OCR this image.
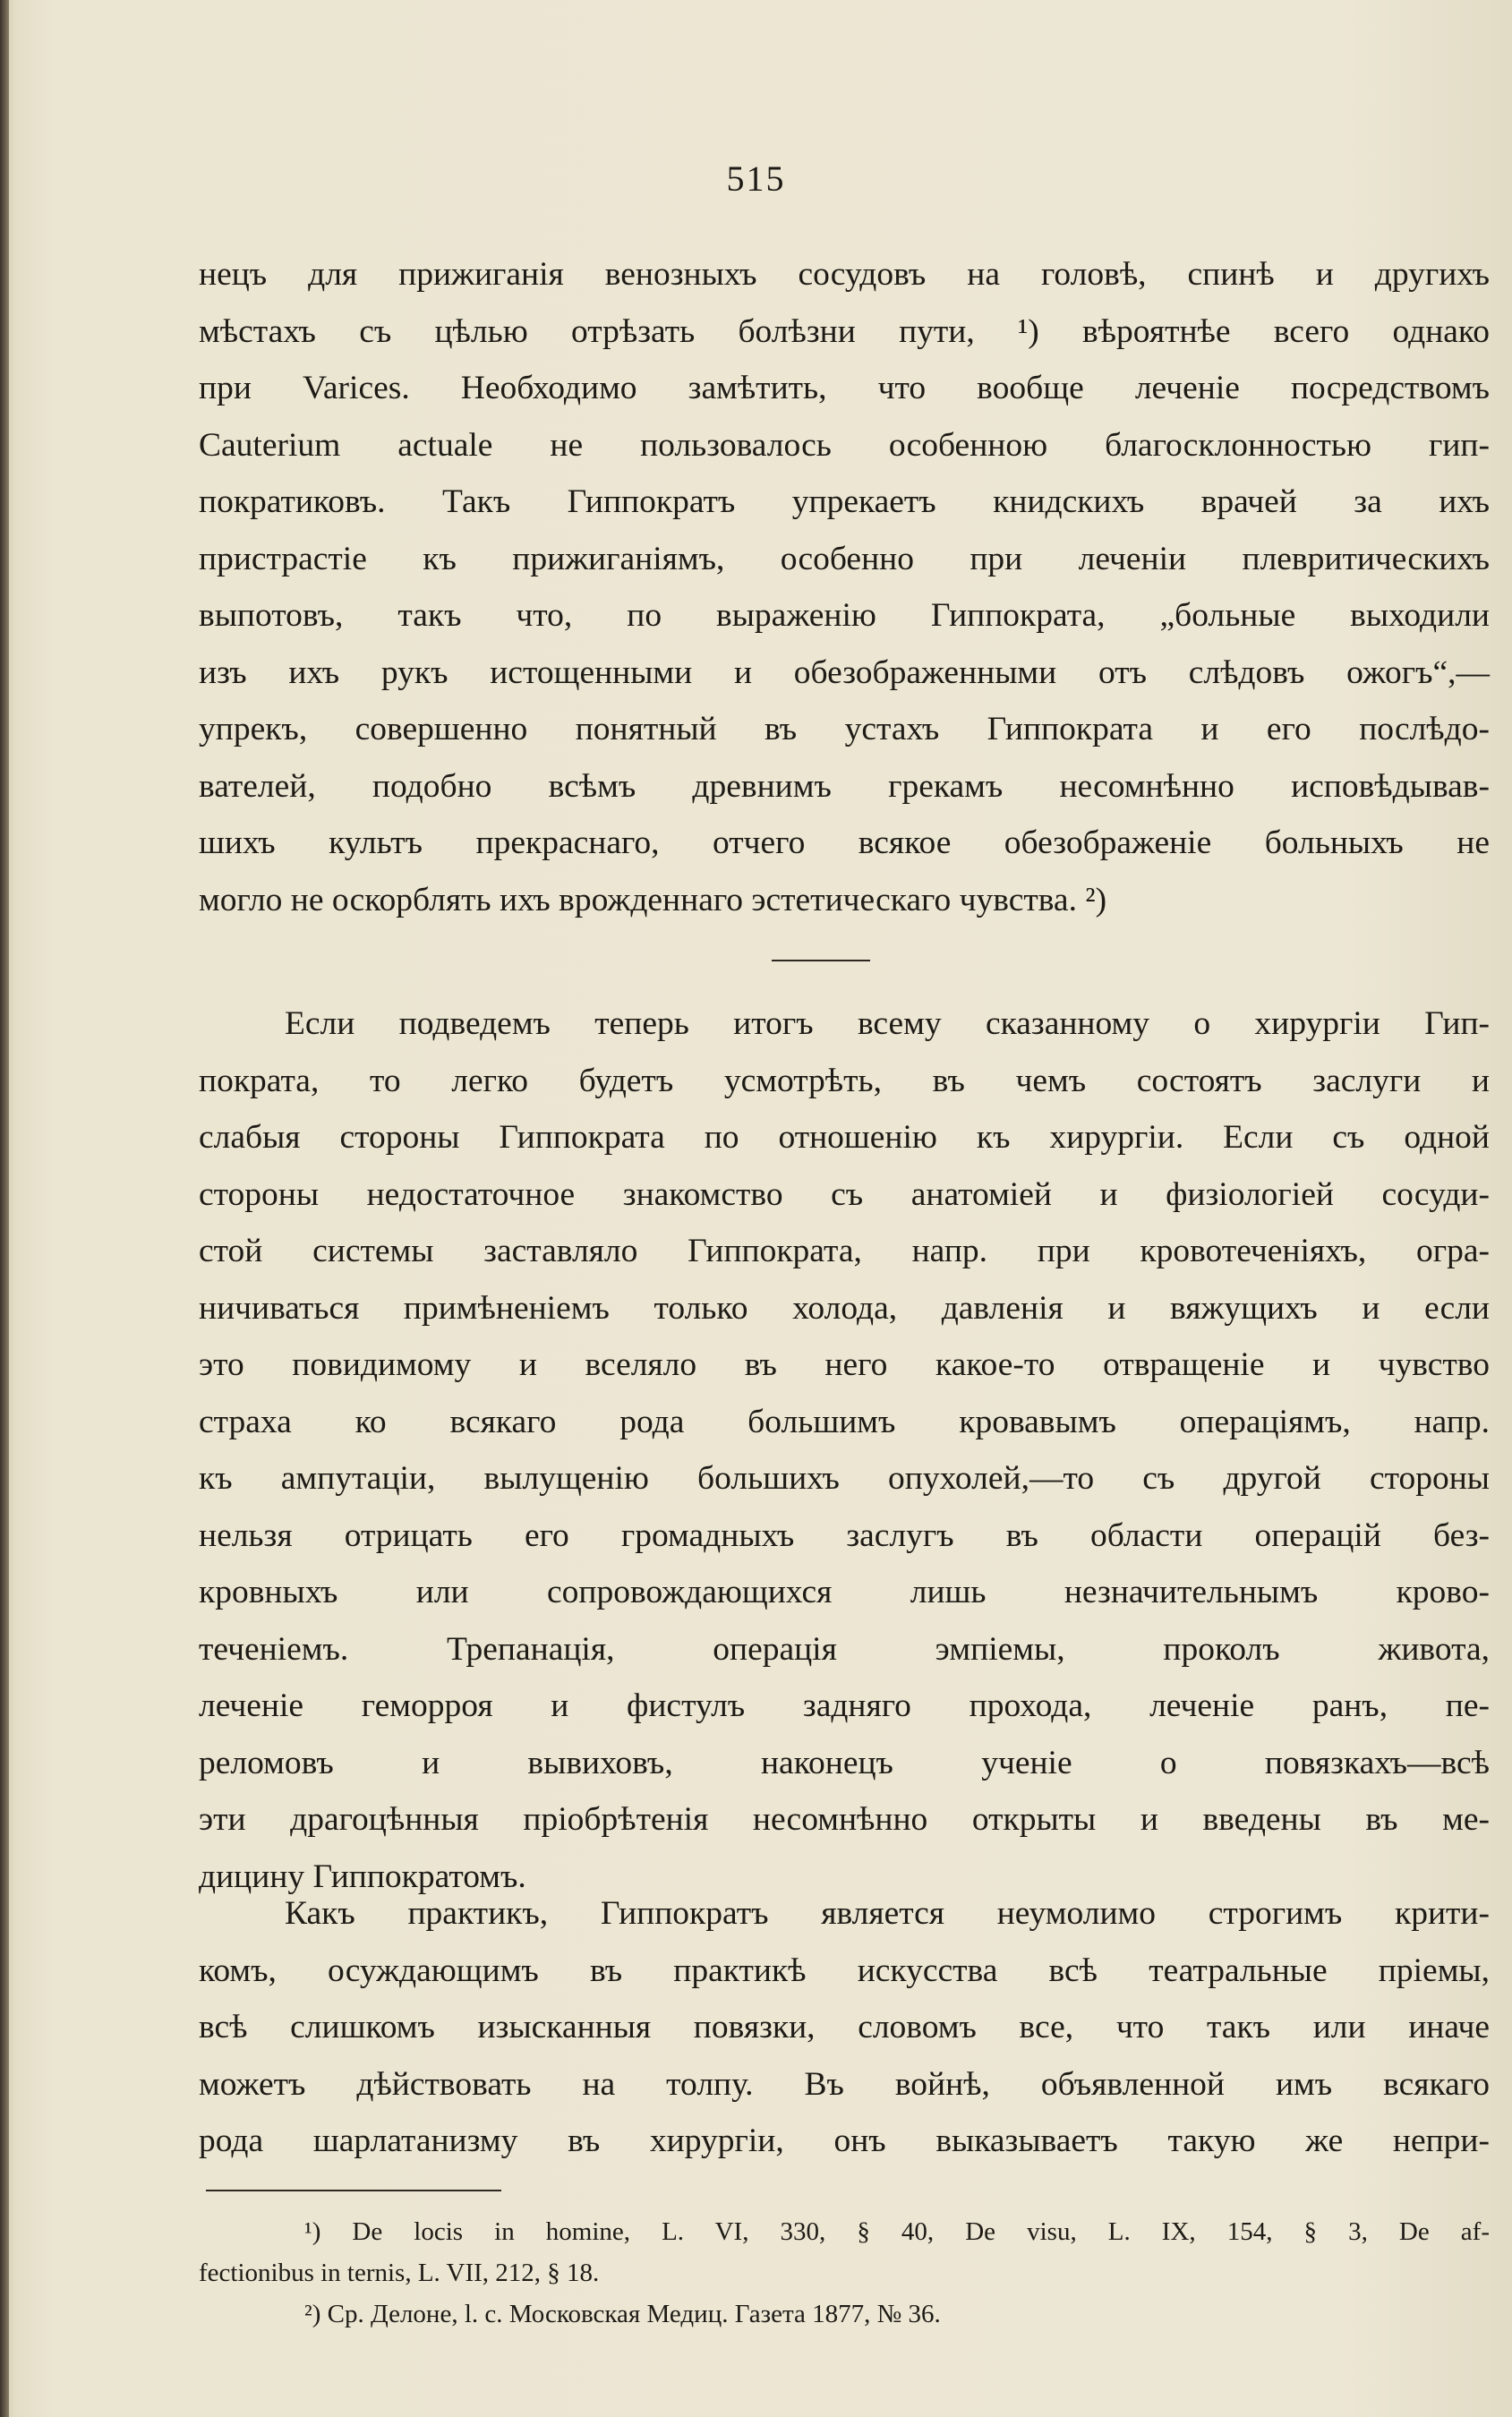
515
нецъ для прижиганія венозныхъ сосудовъ на головѣ, спинѣ и другихъ
мѣстахъ съ цѣлью отрѣзать болѣзни пути, ¹) вѣроятнѣе всего однако
при Varices. Необходимо замѣтить, что вообще леченіе посредствомъ
Cauterium actuale не пользовалось особенною благосклонностью гип-
пократиковъ. Такъ Гиппократъ упрекаетъ книдскихъ врачей за ихъ
пристрастіе къ прижиганіямъ, особенно при леченіи плевритическихъ
выпотовъ, такъ что, по выраженію Гиппократа, „больные выходили
изъ ихъ рукъ истощенными и обезображенными отъ слѣдовъ ожогъ“,—
упрекъ, совершенно понятный въ устахъ Гиппократа и его послѣдо-
вателей, подобно всѣмъ древнимъ грекамъ несомнѣнно исповѣдывав-
шихъ культъ прекраснаго, отчего всякое обезображеніе больныхъ не
могло не оскорблять ихъ врожденнаго эстетическаго чувства. ²)
Если подведемъ теперь итогъ всему сказанному о хирургіи Гип-
пократа, то легко будетъ усмотрѣть, въ чемъ состоятъ заслуги и
слабыя стороны Гиппократа по отношенію къ хирургіи. Если съ одной
стороны недостаточное знакомство съ анатоміей и физіологіей сосуди-
стой системы заставляло Гиппократа, напр. при кровотеченіяхъ, огра-
ничиваться примѣненіемъ только холода, давленія и вяжущихъ и если
это повидимому и вселяло въ него какое-то отвращеніе и чувство
страха ко всякаго рода большимъ кровавымъ операціямъ, напр.
къ ампутаціи, вылущенію большихъ опухолей,—то съ другой стороны
нельзя отрицать его громадныхъ заслугъ въ области операцій без-
кровныхъ или сопровождающихся лишь незначительнымъ крово-
теченіемъ. Трепанація, операція эмпіемы, проколъ живота,
леченіе геморроя и фистулъ задняго прохода, леченіе ранъ, пе-
реломовъ и вывиховъ, наконецъ ученіе о повязкахъ—всѣ
эти драгоцѣнныя пріобрѣтенія несомнѣнно открыты и введены въ ме-
дицину Гиппократомъ.
Какъ практикъ, Гиппократъ является неумолимо строгимъ крити-
комъ, осуждающимъ въ практикѣ искусства всѣ театральные пріемы,
всѣ слишкомъ изысканныя повязки, словомъ все, что такъ или иначе
можетъ дѣйствовать на толпу. Въ войнѣ, объявленной имъ всякаго
рода шарлатанизму въ хирургіи, онъ выказываетъ такую же непри-
¹) De locis in homine, L. VI, 330, § 40, De visu, L. IX, 154, § 3, De af-
fectionibus in ternis, L. VII, 212, § 18.
²) Ср. Делоне, l. c. Московская Медиц. Газета 1877, № 36.
